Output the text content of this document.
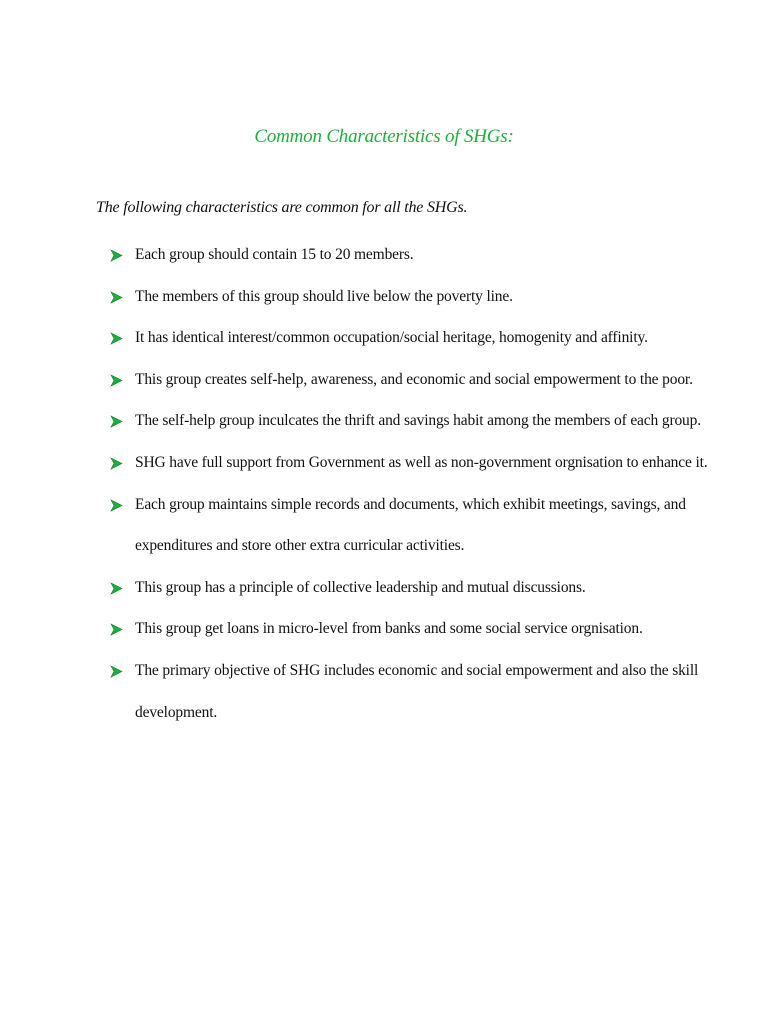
Common Characteristics of SHGs:
The following characteristics are common for all the SHGs.
Each group should contain 15 to 20 members.
The members of this group should live below the poverty line.
It has identical interest/common occupation/social heritage, homogenity and affinity.
This group creates self-help, awareness, and economic and social empowerment to the poor.
The self-help group inculcates the thrift and savings habit among the members of each group.
SHG have full support from Government as well as non-government orgnisation to enhance it.
Each group maintains simple records and documents, which exhibit meetings, savings, and expenditures and store other extra curricular activities.
This group has a principle of collective leadership and mutual discussions.
This group get loans in micro-level from banks and some social service orgnisation.
The primary objective of SHG includes economic and social empowerment and also the skill development.
